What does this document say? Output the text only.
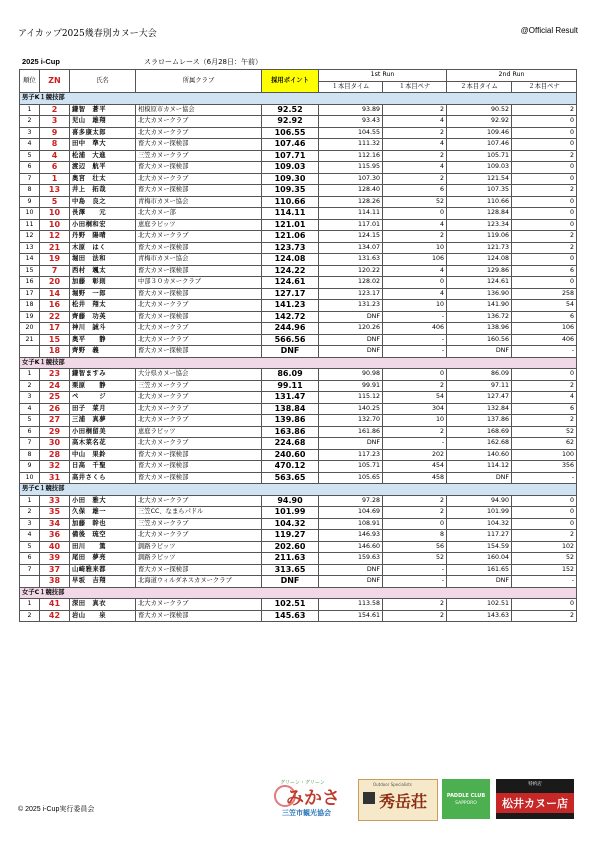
アイカップ2025幾春別カヌー大会	@Official Result
2025 i-Cup	スラロームレース（6月28日：午前）
順位	ZN	氏名	所属クラブ	採用ポイント	1st Run		2nd Run	
					１本目タイム	１本目ペナ	２本目タイム	２本目ペナ
男子K１競技部								
1	2	鎌智　蒼平	相模原市カヌー協会	92.52	93.89	2	90.52	2
2	3	児山　雄翔	北大カヌークラブ	92.92	93.43	4	92.92	0
3	9	喜多康太郎	北大カヌークラブ	106.55	104.55	2	109.46	0
4	8	田中　準大	畜大カヌー探検部	107.46	111.32	4	107.46	0
5	4	松浦　大進	三笠カヌークラブ	107.71	112.16	2	105.71	2
6	6	渡辺　航平	畜大カヌー探検部	109.03	115.95	4	109.03	0
7	1	奥宮　壮太	北大カヌークラブ	109.30	107.30	2	121.54	0
8	13	井上　拓哉	畜大カヌー探検部	109.35	128.40	6	107.35	2
9	5	中島　良之	青梅市カヌー協会	110.66	128.26	52	110.66	0
10	10	長澤　　元	北大カヌー部	114.11	114.11	0	128.84	0
11	10	小田桐和宏	恵庭ラピッツ	121.01	117.01	4	123.34	0
12	12	丹野　陽晴	北大カヌークラブ	121.06	124.15	2	119.06	2
13	21	木原　はく	畜大カヌー探検部	123.73	134.07	10	121.73	2
14	19	堀田　法和	青梅市カヌー協会	124.08	131.63	106	124.08	0
15	7	西村　颯太	畜大カヌー探検部	124.22	120.22	4	129.86	6
16	20	加藤　彰則	中部３０カヌークラブ	124.61	128.02	0	124.61	0
17	14	堀野　一郎	畜大カヌー探検部	127.17	123.17	4	136.90	258
18	16	松井　翔太	北大カヌークラブ	141.23	131.23	10	141.90	54
19	22	齊藤　功英	畜大カヌー探検部	142.72	DNF	-	136.72	6
20	17	神川　誠斗	北大カヌークラブ	244.96	120.26	406	138.96	106
21	15	奥平　　静	北大カヌークラブ	566.56	DNF	-	160.56	406
	18	齊野　義	畜大カヌー探検部	DNF	DNF	-	DNF	-
女子K１競技部								
1	23	鎌智ますみ	大分県カヌー協会	86.09	90.98	0	86.09	0
2	24	栗原　　静	三笠カヌークラブ	99.11	99.91	2	97.11	2
3	25	ペ　　　ジ	北大カヌークラブ	131.47	115.12	54	127.47	4
4	26	田子　菜月	北大カヌークラブ	138.84	140.25	304	132.84	6
5	27	三浦　真夢	北大カヌークラブ	139.86	132.70	10	137.86	2
6	29	小田桐留美	恵庭ラピッツ	163.86	161.86	2	168.69	52
7	30	高木菜名花	北大カヌークラブ	224.68	DNF	-	162.68	62
8	28	中山　果鈴	畜大カヌー探検部	240.60	117.23	202	140.60	100
9	32	日高　千聖	畜大カヌー探検部	470.12	105.71	454	114.12	356
10	31	高井さくら	畜大カヌー探検部	563.65	105.65	458	DNF	-
男子C１競技部								
1	33	小田　雅大	北大カヌークラブ	94.90	97.28	2	94.90	0
2	35	久保　雄一	三笠CC、なまらパドル	101.99	104.69	2	101.99	0
3	34	加藤　幹也	三笠カヌークラブ	104.32	108.91	0	104.32	0
4	36	備後　琉空	北大カヌークラブ	119.27	146.93	8	117.27	2
5	40	田川　　篤	釧路ラピッツ	202.60	146.60	56	154.59	102
6	39	尾田　夢亮	釧路ラピッツ	211.63	159.63	52	160.04	52
7	37	山崎雅来都	畜大カヌー探検部	313.65	DNF	-	161.65	152
	38	早坂　吉翔	北海道ウィルダネスカヌークラブ	DNF	DNF	-	DNF	-
女子C１競技部								
1	41	深田　真衣	北大カヌークラブ	102.51	113.58	2	102.51	0
2	42	岩山　　泉	畜大カヌー探検部	145.63	154.61	2	143.63	2
© 2025 i-Cup実行委員会
グリーン・グリーン
みかさ
三笠市観光協会
Outdoor Specialists
秀岳荘	PADDLE CLUB
SAPPORO
特約店
松井カヌー店
